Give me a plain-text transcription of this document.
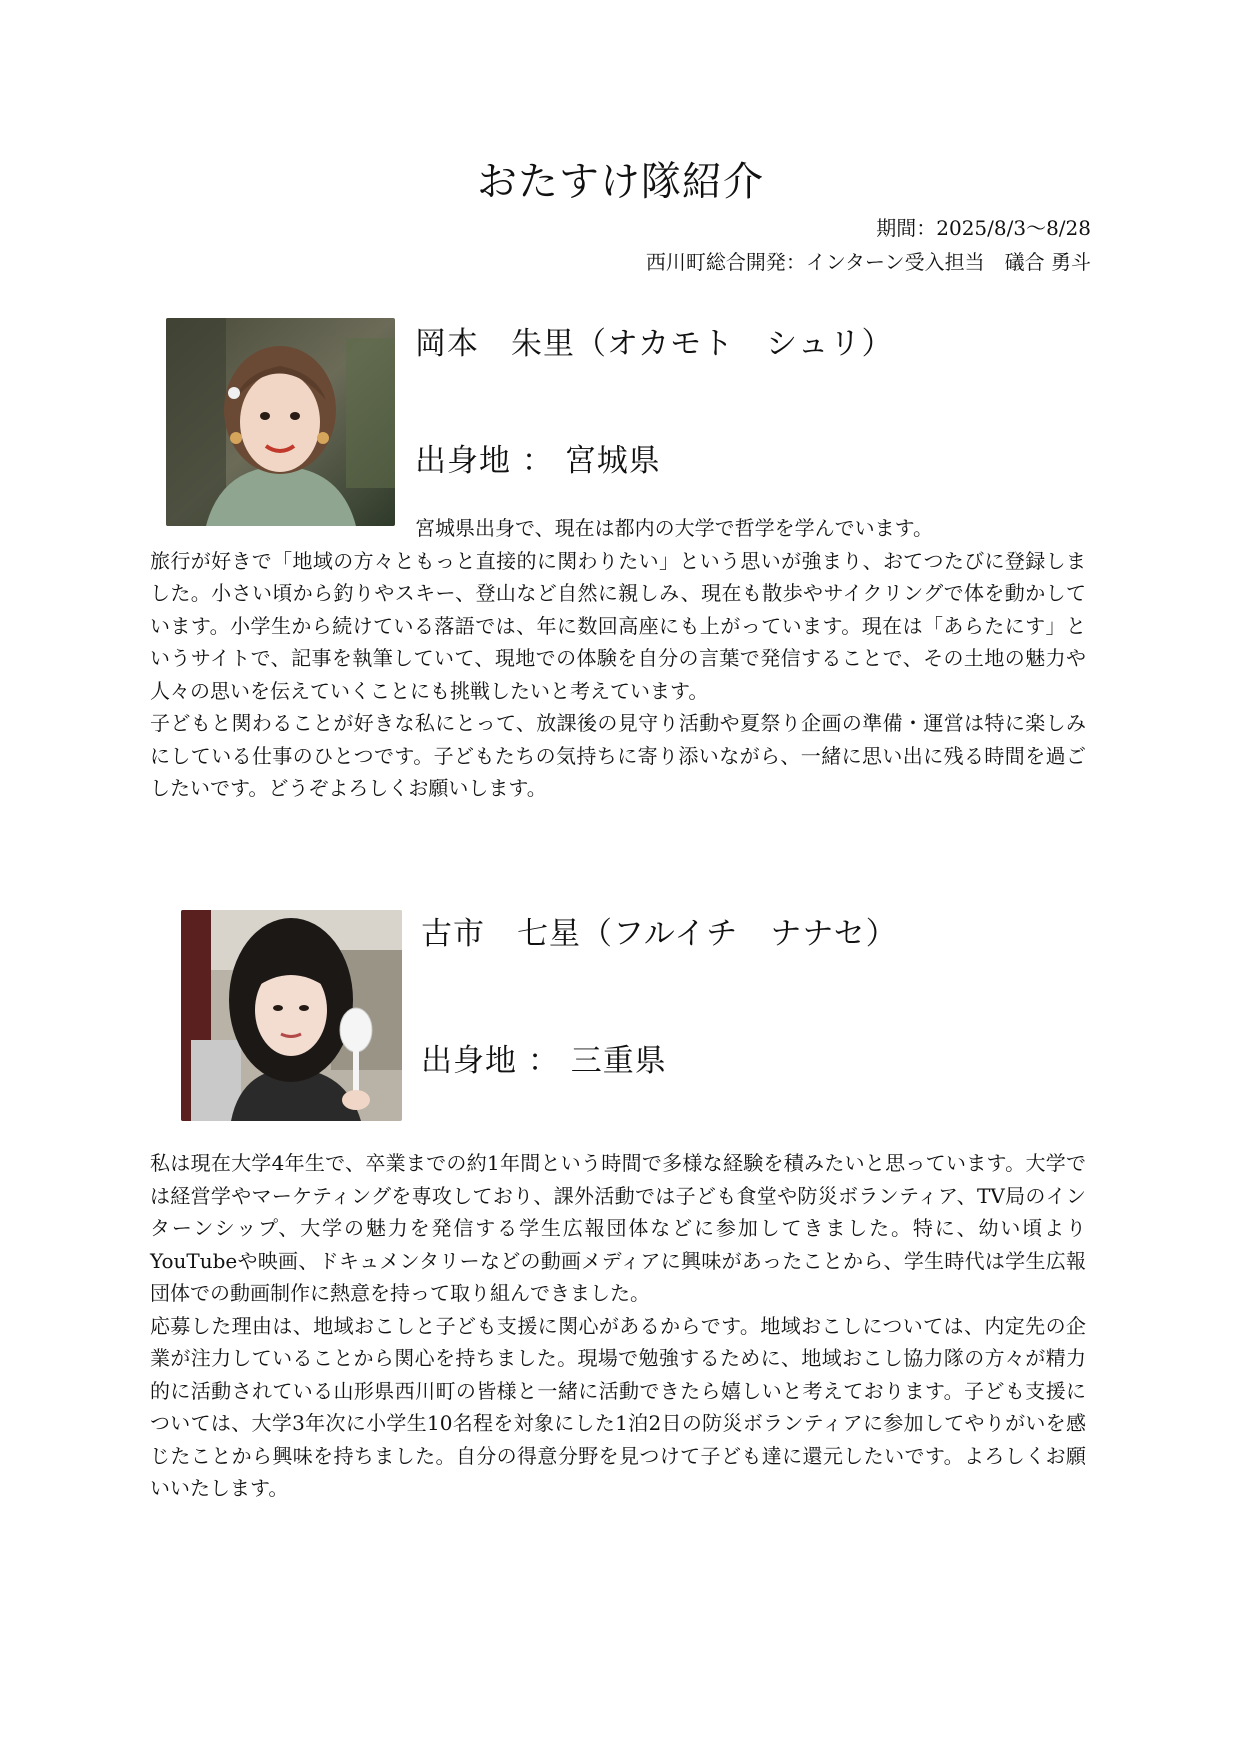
おたすけ隊紹介
期間：2025/8/3～8/28
西川町総合開発：インターン受入担当　礒合 勇斗
岡本　朱里（オカモト　シュリ）
出身地 ： 宮城県

宮城県出身で、現在は都内の大学で哲学を学んでいます。

旅行が好きで「地域の方々ともっと直接的に関わりたい」という思いが強まり、おてつたびに登録しました。小さい頃から釣りやスキー、登山など自然に親しみ、現在も散歩やサイクリングで体を動かしています。小学生から続けている落語では、年に数回高座にも上がっています。現在は「あらたにす」というサイトで、記事を執筆していて、現地での体験を自分の言葉で発信することで、その土地の魅力や人々の思いを伝えていくことにも挑戦したいと考えています。

子どもと関わることが好きな私にとって、放課後の見守り活動や夏祭り企画の準備・運営は特に楽しみにしている仕事のひとつです。子どもたちの気持ちに寄り添いながら、一緒に思い出に残る時間を過ごしたいです。どうぞよろしくお願いします。

古市　七星（フルイチ　ナナセ）
出身地 ： 三重県

私は現在大学4年生で、卒業までの約1年間という時間で多様な経験を積みたいと思っています。大学では経営学やマーケティングを専攻しており、課外活動では子ども食堂や防災ボランティア、TV局のインターンシップ、大学の魅力を発信する学生広報団体などに参加してきました。特に、幼い頃よりYouTubeや映画、ドキュメンタリーなどの動画メディアに興味があったことから、学生時代は学生広報団体での動画制作に熱意を持って取り組んできました。

応募した理由は、地域おこしと子ども支援に関心があるからです。地域おこしについては、内定先の企業が注力していることから関心を持ちました。現場で勉強するために、地域おこし協力隊の方々が精力的に活動されている山形県西川町の皆様と一緒に活動できたら嬉しいと考えております。子ども支援については、大学3年次に小学生10名程を対象にした1泊2日の防災ボランティアに参加してやりがいを感じたことから興味を持ちました。自分の得意分野を見つけて子ども達に還元したいです。よろしくお願いいたします。
